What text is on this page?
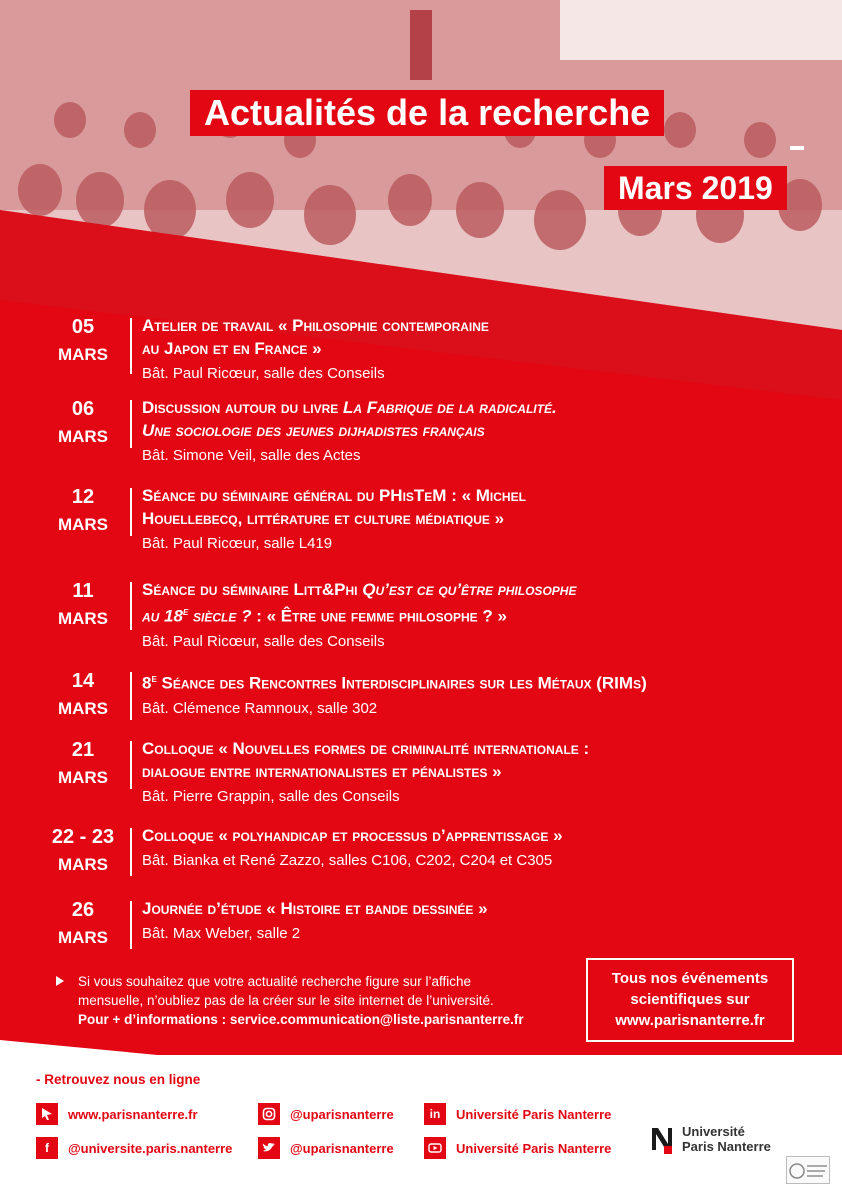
Actualités de la recherche
Mars 2019
05
MARS
Atelier de travail « Philosophie contemporaine
au Japon et en France »
Bât. Paul Ricœur, salle des Conseils
06
MARS
Discussion autour du livre La Fabrique de la radicalité.
Une sociologie des jeunes dijhadistes français
Bât. Simone Veil, salle des Actes
12
MARS
Séance du séminaire général du PHisTeM : « Michel
Houellebecq, littérature et culture médiatique »
Bât. Paul Ricœur, salle L419
11
MARS
Séance du séminaire Litt&Phi Qu’est ce qu’être philosophe
au 18e siècle ? : « Être une femme philosophe ? »
Bât. Paul Ricœur, salle des Conseils
14
MARS
8e Séance des Rencontres Interdisciplinaires sur les Métaux (RIMs)
Bât. Clémence Ramnoux, salle 302
21
MARS
Colloque « Nouvelles formes de criminalité internationale :
dialogue entre internationalistes et pénalistes »
Bât. Pierre Grappin, salle des Conseils
22 - 23
MARS
Colloque « polyhandicap et processus d’apprentissage »
Bât. Bianka et René Zazzo, salles C106, C202, C204 et C305
26
MARS
Journée d’étude « Histoire et bande dessinée »
Bât. Max Weber, salle 2
Si vous souhaitez que votre actualité recherche figure sur l’affiche
mensuelle, n’oubliez pas de la créer sur le site internet de l’université.
Pour + d’informations : service.communication@liste.parisnanterre.fr
Tous nos événements
scientifiques sur
www.parisnanterre.fr
- Retrouvez nous en ligne
www.parisnanterre.fr
f	@universite.paris.nanterre
@uparisnanterre
@uparisnanterre
in	Université Paris Nanterre
Université Paris Nanterre
Université
Paris Nanterre
